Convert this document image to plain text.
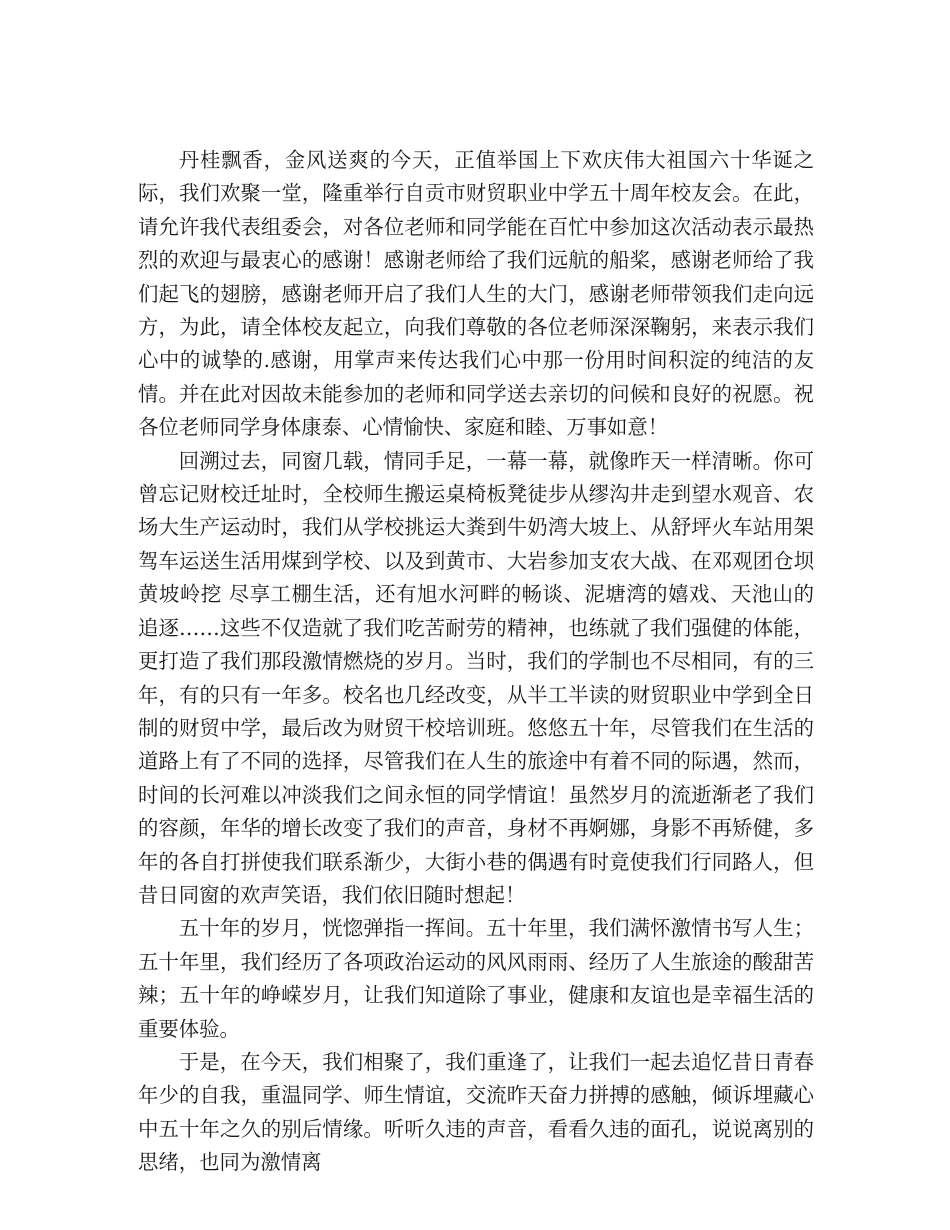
丹桂飘香，金风送爽的今天，正值举国上下欢庆伟大祖国六十华诞之际，我们欢聚一堂，隆重举行自贡市财贸职业中学五十周年校友会。在此，请允许我代表组委会，对各位老师和同学能在百忙中参加这次活动表示最热烈的欢迎与最衷心的感谢！感谢老师给了我们远航的船桨，感谢老师给了我们起飞的翅膀，感谢老师开启了我们人生的大门，感谢老师带领我们走向远方，为此，请全体校友起立，向我们尊敬的各位老师深深鞠躬，来表示我们心中的诚挚的.感谢，用掌声来传达我们心中那一份用时间积淀的纯洁的友情。并在此对因故未能参加的老师和同学送去亲切的问候和良好的祝愿。祝各位老师同学身体康泰、心情愉快、家庭和睦、万事如意！

回溯过去，同窗几载，情同手足，一幕一幕，就像昨天一样清晰。你可曾忘记财校迁址时，全校师生搬运桌椅板凳徒步从缪沟井走到望水观音、农场大生产运动时，我们从学校挑运大粪到牛奶湾大坡上、从舒坪火车站用架驾车运送生活用煤到学校、以及到黄市、大岩参加支农大战、在邓观团仓坝黄坡岭挖 尽享工棚生活，还有旭水河畔的畅谈、泥塘湾的嬉戏、天池山的追逐……这些不仅造就了我们吃苦耐劳的精神，也练就了我们强健的体能，更打造了我们那段激情燃烧的岁月。当时，我们的学制也不尽相同，有的三年，有的只有一年多。校名也几经改变，从半工半读的财贸职业中学到全日制的财贸中学，最后改为财贸干校培训班。悠悠五十年，尽管我们在生活的道路上有了不同的选择，尽管我们在人生的旅途中有着不同的际遇，然而，时间的长河难以冲淡我们之间永恒的同学情谊！虽然岁月的流逝渐老了我们的容颜，年华的增长改变了我们的声音，身材不再婀娜，身影不再矫健，多年的各自打拼使我们联系渐少，大街小巷的偶遇有时竟使我们行同路人，但昔日同窗的欢声笑语，我们依旧随时想起！

五十年的岁月，恍惚弹指一挥间。五十年里，我们满怀激情书写人生；五十年里，我们经历了各项政治运动的风风雨雨、经历了人生旅途的酸甜苦辣；五十年的峥嵘岁月，让我们知道除了事业，健康和友谊也是幸福生活的重要体验。

于是，在今天，我们相聚了，我们重逢了，让我们一起去追忆昔日青春年少的自我，重温同学、师生情谊，交流昨天奋力拼搏的感触，倾诉埋藏心中五十年之久的别后情缘。听听久违的声音，看看久违的面孔，说说离别的思绪，也同为激情离
